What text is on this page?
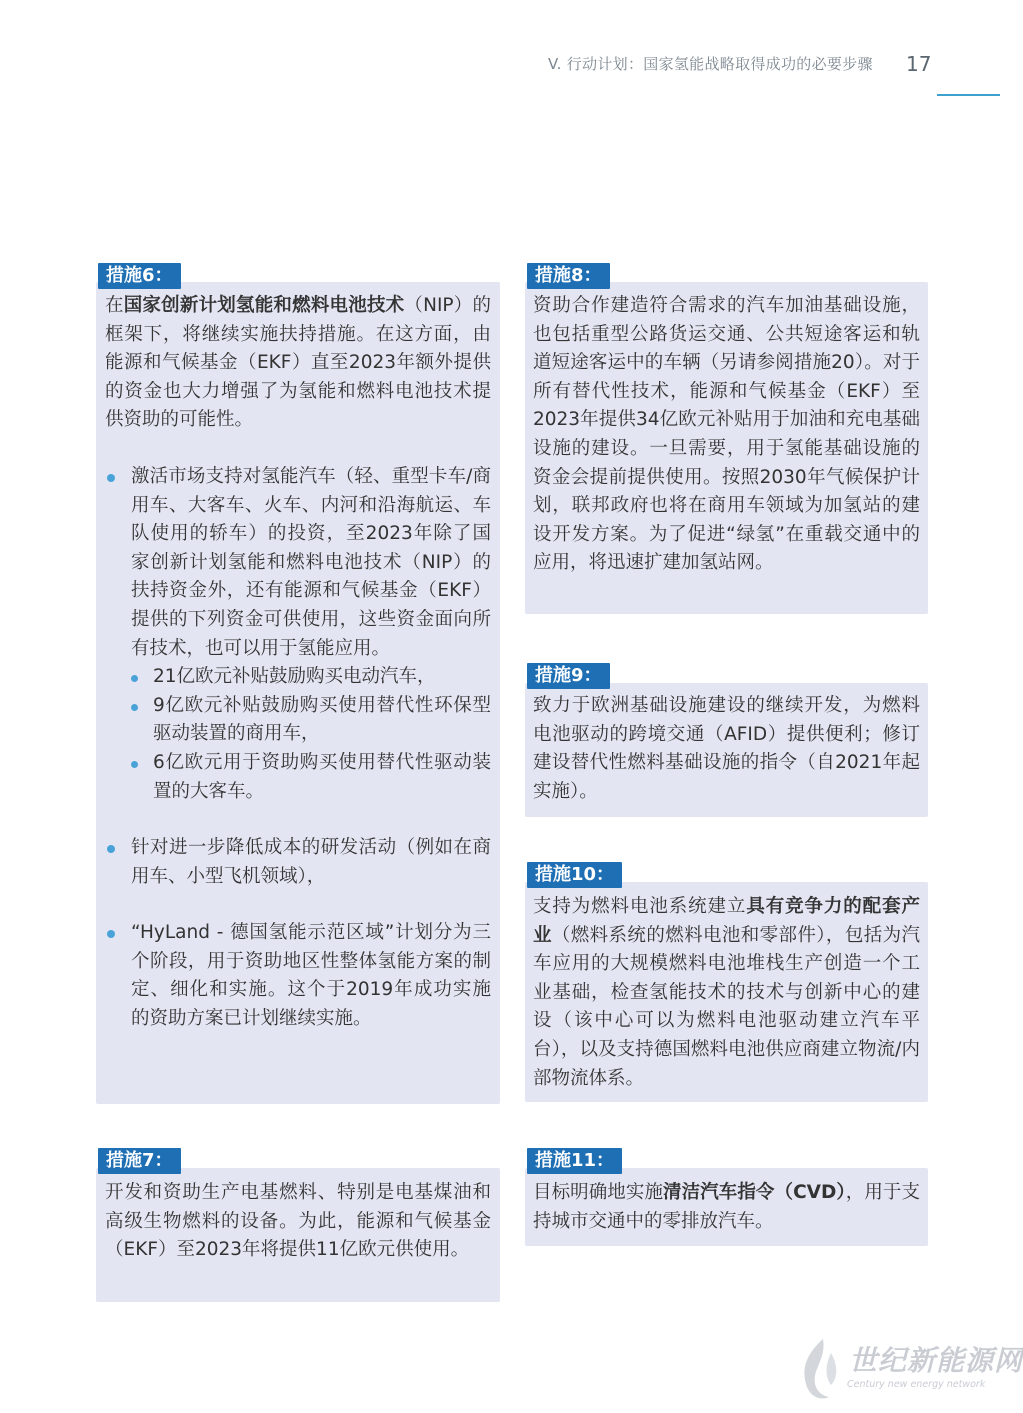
V. 行动计划：国家氢能战略取得成功的必要步骤	17
措施6：

在国家创新计划氢能和燃料电池技术（NIP）的框架下，将继续实施扶持措施。在这方面，由能源和气候基金（EKF）直至2023年额外提供的资金也大力增强了为氢能和燃料电池技术提供资助的可能性。

激活市场支持对氢能汽车（轻、重型卡车/商用车、大客车、火车、内河和沿海航运、车队使用的轿车）的投资，至2023年除了国家创新计划氢能和燃料电池技术（NIP）的扶持资金外，还有能源和气候基金（EKF）提供的下列资金可供使用，这些资金面向所有技术，也可以用于氢能应用。
21亿欧元补贴鼓励购买电动汽车，
9亿欧元补贴鼓励购买使用替代性环保型驱动装置的商用车，
6亿欧元用于资助购买使用替代性驱动装置的大客车。
针对进一步降低成本的研发活动（例如在商用车、小型飞机领域），
“HyLand - 德国氢能示范区域”计划分为三个阶段，用于资助地区性整体氢能方案的制定、细化和实施。这个于2019年成功实施的资助方案已计划继续实施。
措施7：
开发和资助生产电基燃料、特别是电基煤油和高级生物燃料的设备。为此，能源和气候基金（EKF）至2023年将提供11亿欧元供使用。
措施8：
资助合作建造符合需求的汽车加油基础设施，也包括重型公路货运交通、公共短途客运和轨道短途客运中的车辆（另请参阅措施20）。对于所有替代性技术，能源和气候基金（EKF）至2023年提供34亿欧元补贴用于加油和充电基础设施的建设。一旦需要，用于氢能基础设施的资金会提前提供使用。按照2030年气候保护计划，联邦政府也将在商用车领域为加氢站的建设开发方案。为了促进“绿氢”在重载交通中的应用，将迅速扩建加氢站网。
措施9：
致力于欧洲基础设施建设的继续开发，为燃料电池驱动的跨境交通（AFID）提供便利；修订建设替代性燃料基础设施的指令（自2021年起实施）。
措施10：
支持为燃料电池系统建立具有竞争力的配套产业（燃料系统的燃料电池和零部件），包括为汽车应用的大规模燃料电池堆栈生产创造一个工业基础，检查氢能技术的技术与创新中心的建设（该中心可以为燃料电池驱动建立汽车平台），以及支持德国燃料电池供应商建立物流/内部物流体系。
措施11：
目标明确地实施清洁汽车指令（CVD），用于支持城市交通中的零排放汽车。
世纪新能源网
Century new energy network
